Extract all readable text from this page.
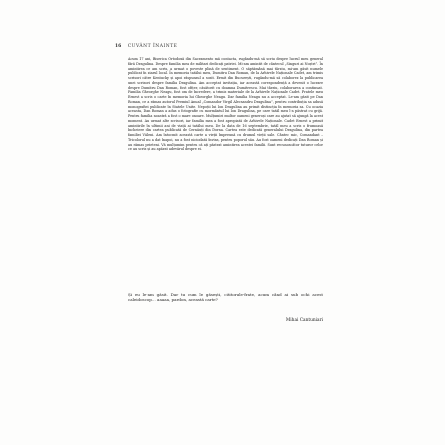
16 CUVÂNT ÎNAINTE

Acum 17 ani, Biserica Ortodoxă din Sacramento mă contacta, rugându-mă să scriu despre lucrul meu general fără Dragulina. Despre familia mea de militari dedicați patriei. Mi-am amintit de cântecul „Singuri ai Noștri”. În amintirea ce am scris, a urmat o poveste plină de sentiment. O săptămână mai târziu, mi-am găsit numele publicat în ziarul local. În memoria tatălui meu, Dumitru Dan Roman, de la Arhivele Naționale Cadet, am trimis scrisori către Kentucky și apoi răspunsul a sosit. Ermit din București, rugându-mă să colaborez la publicarea unei scrisori despre familia Dragulina. Am acceptat invitația, iar această corespondență a devenit o lucrare despre Dumitru Dan Roman, fost ofițer, căsătorit cu doamna Dumitrescu. Mai târziu, colaborarea a continuat. Familia Gheorghe Neagu, fost om de încredere, a trimis materiale de la Arhivele Naționale Cadet. Fratele meu Ernest a scris o carte în memoria lui Gheorghe Neagu. Dar familia Neagu nu a acceptat. Le-am găsit pe Dan Roman, ce a rămas autorul Premiul Anual „Comandor Virgil Alecsandru Dragulina”, pentru contribuția sa adusă monografiei publicate în Statele Unite. Nepoții lui Ion Dragulina au primit distincția în memoria sa. Cu ocazia aceasta, Dan Roman a adus o fotografie cu mormântul lui Ion Dragulina, pe care tatăl meu l-a păstrat cu grijă. Pentru familia noastră a fost o mare onoare. Mulțumiri multor oameni generoși care au ajutat să ajungă la acest moment. Au urmat alte scrisori, iar familia mea a fost apropiată de Arhivele Naționale. Cadet Ernest a primit amintirile în ultimii ani de viață ai tatălui meu. De la data de 16 septembrie, tatăl meu a scris o frumoasă încheiere din cartea publicată de Cernăuți din Dorna. Cartea este dedicată generalului Dragulina, din partea familiei Văleni. Am întocmit această carte a vieții împreună cu drumul vieții sale. Cântec mic, Comandant – Tricolorul nu a dat înapoi, nu a fost niciodată învins, pentru poporul său. Au fost oameni dedicați Dan Roman și au rămas prieteni. Vă mulțumim pentru că ați păstrat amintirea acestei familii. Sunt recunoscător tuturor celor ce au scris și au apărat adevărul despre ei.

Și eu le-am găsit. Dar tu cum le găsești, cititorule-frate, acum când ai sub ochi acest caleidoscop… aaaaa, pardon, această carte?

Mihai Cantuniari
